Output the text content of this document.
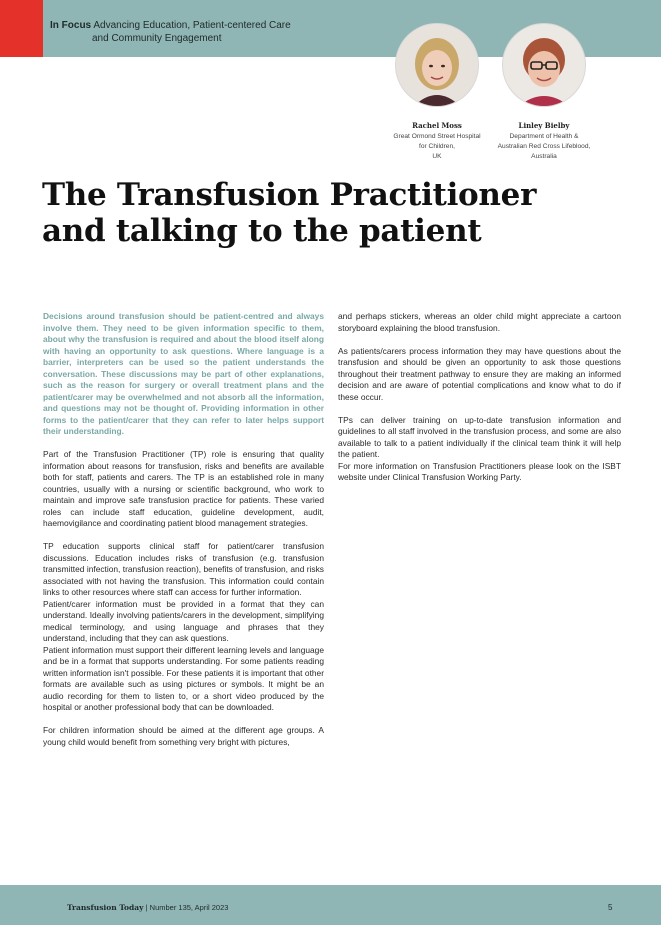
In Focus Advancing Education, Patient-centered Care
and Community Engagement
Rachel Moss
Great Ormond Street Hospital
for Children,
UK
Linley Bielby
Department of Health &
Australian Red Cross Lifeblood,
Australia
The Transfusion Practitioner
and talking to the patient

Decisions around transfusion should be patient-centred and always involve them. They need to be given information specific to them, about why the transfusion is required and about the blood itself along with having an opportunity to ask questions. Where language is a barrier, interpreters can be used so the patient understands the conversation. These discussions may be part of other explanations, such as the reason for surgery or overall treatment plans and the patient/carer may be overwhelmed and not absorb all the information, and questions may not be thought of. Providing information in other forms to the patient/carer that they can refer to later helps support their understanding.

Part of the Transfusion Practitioner (TP) role is ensuring that quality information about reasons for transfusion, risks and benefits are available both for staff, patients and carers. The TP is an established role in many countries, usually with a nursing or scientific background, who work to maintain and improve safe transfusion practice for patients. These varied roles can include staff education, guideline development, audit, haemovigilance and coordinating patient blood management strategies.

TP education supports clinical staff for patient/carer transfusion discussions. Education includes risks of transfusion (e.g. transfusion transmitted infection, transfusion reaction), benefits of transfusion, and risks associated with not having the transfusion. This information could contain links to other resources where staff can access for further information.

Patient/carer information must be provided in a format that they can understand. Ideally involving patients/carers in the development, simplifying medical terminology, and using language and phrases that they understand, including that they can ask questions.

Patient information must support their different learning levels and language and be in a format that supports understanding. For some patients reading written information isn't possible. For these patients it is important that other formats are available such as using pictures or symbols. It might be an audio recording for them to listen to, or a short video produced by the hospital or another professional body that can be downloaded.

For children information should be aimed at the different age groups. A young child would benefit from something very bright with pictures,

and perhaps stickers, whereas an older child might appreciate a cartoon storyboard explaining the blood transfusion.

As patients/carers process information they may have questions about the transfusion and should be given an opportunity to ask those questions throughout their treatment pathway to ensure they are making an informed decision and are aware of potential complications and know what to do if these occur.

TPs can deliver training on up-to-date transfusion information and guidelines to all staff involved in the transfusion process, and some are also available to talk to a patient individually if the clinical team think it will help the patient.

For more information on Transfusion Practitioners please look on the ISBT website under Clinical Transfusion Working Party.

Transfusion Today | Number 135, April 2023	5
